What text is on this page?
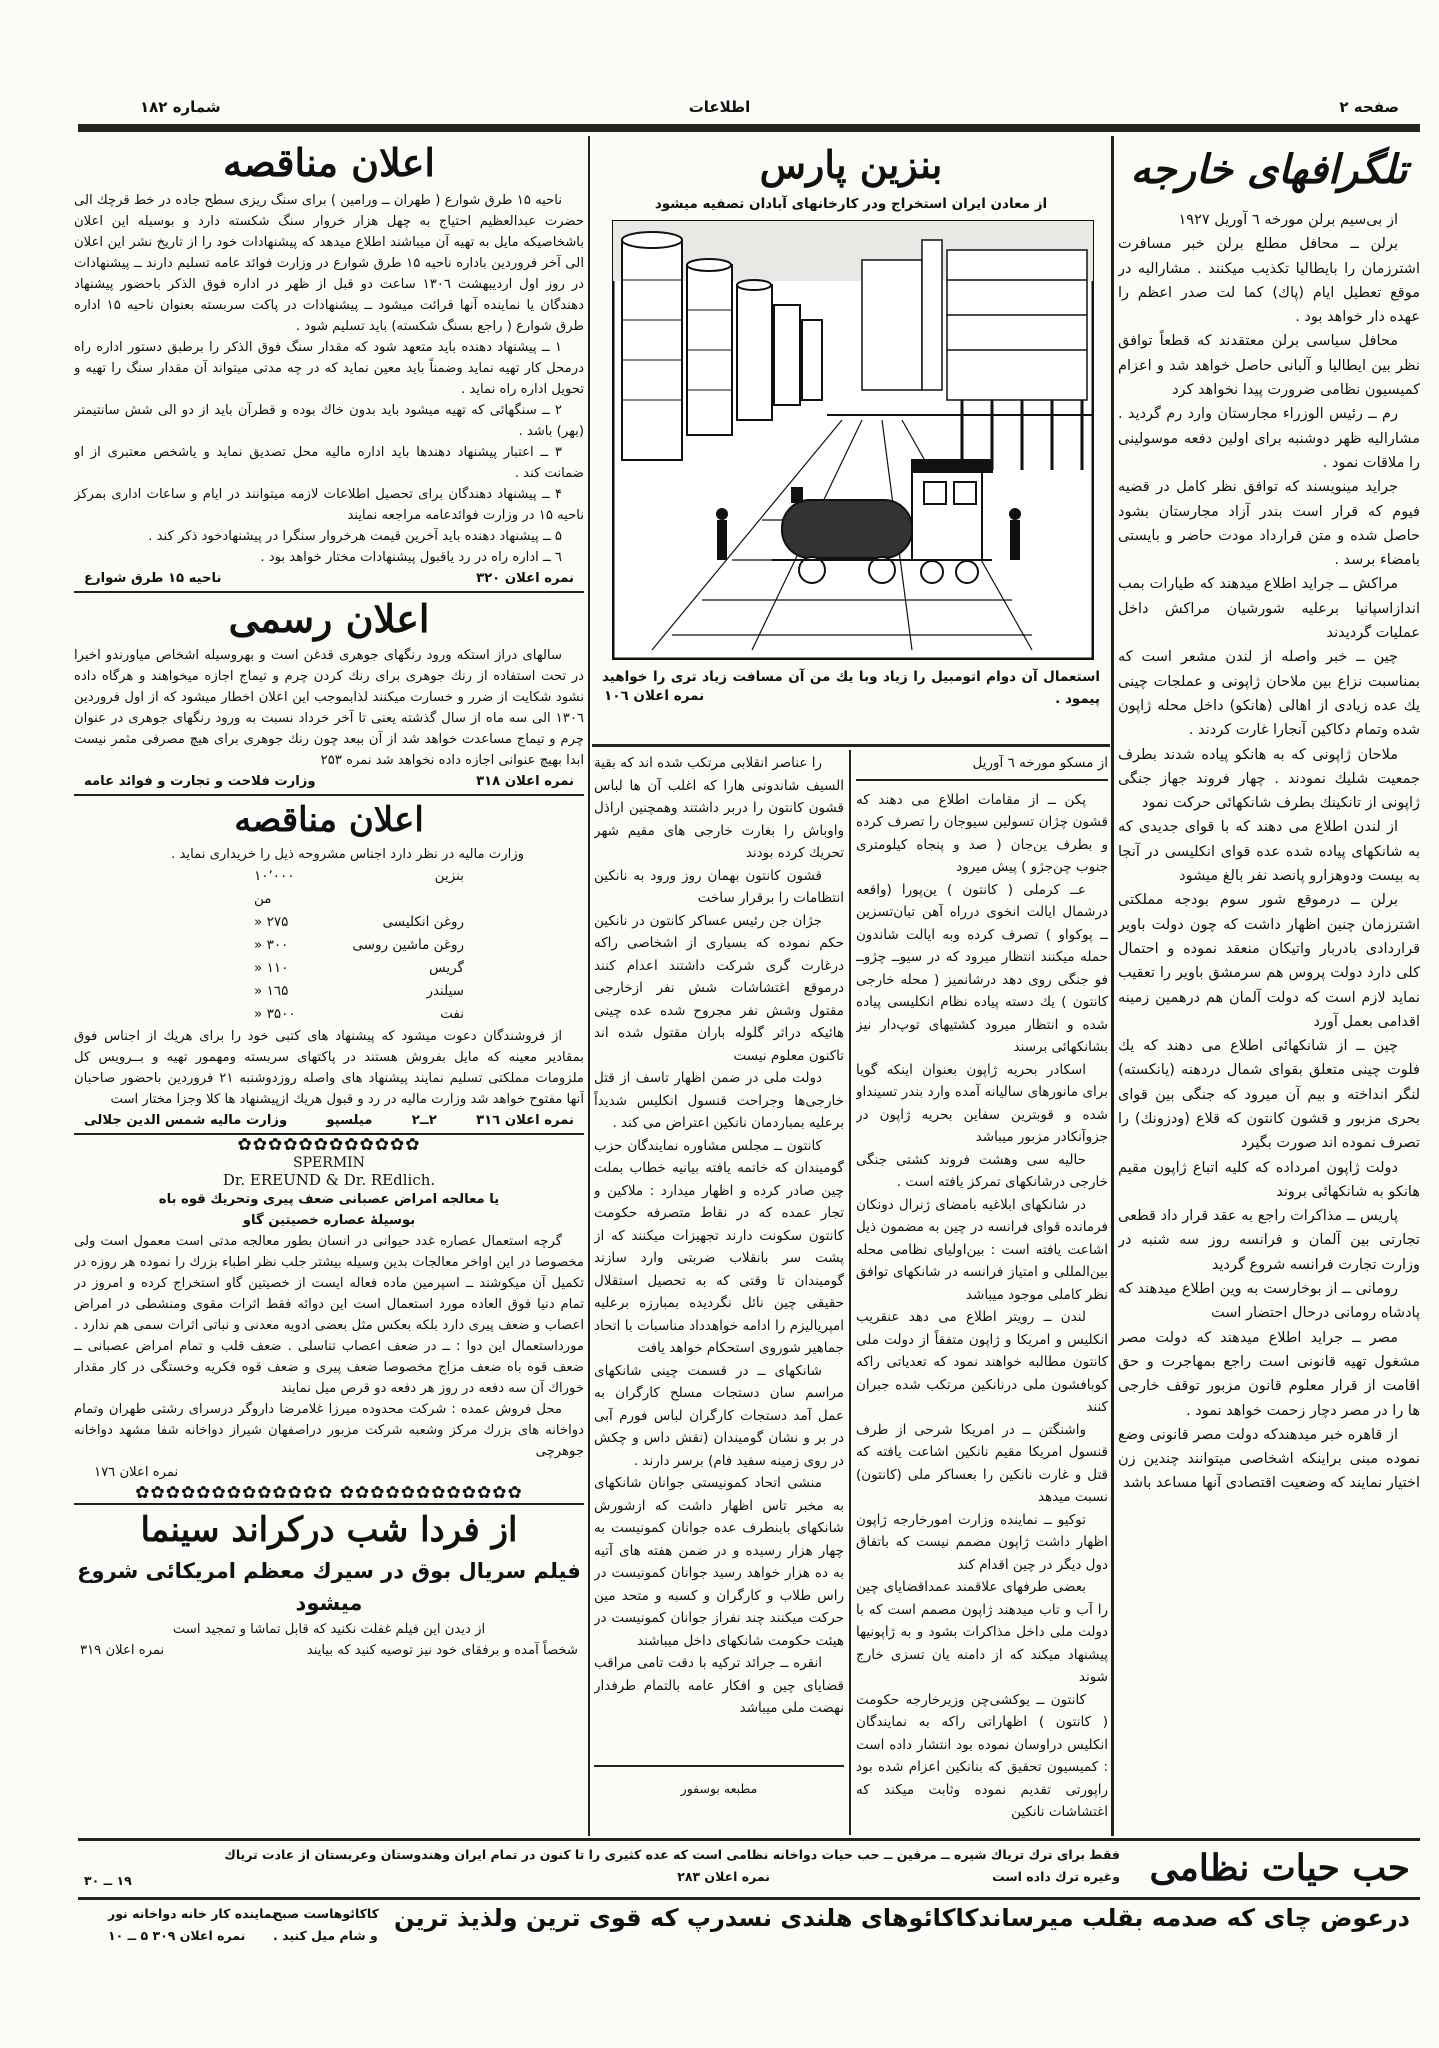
صفحه ۲
اطلاعات
شماره ۱۸۲
تلگرافهای خارجه

از بی‌سیم برلن مورخه ٦ آوریل ۱۹۲۷

برلن ــ محافل مطلع برلن خبر مسافرت اشترزمان را بایطالیا تکذیب میکنند . مشارالیه در موقع تعطیل ایام (پاك) کما لت صدر اعظم را عهده دار خواهد بود .

محافل سیاسی برلن معتقدند که قطعاً توافق نظر بین ایطالیا و آلبانی حاصل خواهد شد و اعزام کمیسیون نظامی ضرورت پیدا نخواهد کرد

رم ــ رئیس الوزراء مجارستان وارد رم گردید . مشارالیه ظهر دوشنبه برای اولین دفعه موسولینی را ملاقات نمود .

جراید مینویسند که توافق نظر کامل در قضیه فیوم که قرار است بندر آزاد مجارستان بشود حاصل شده و متن قرارداد مودت حاضر و بایستی بامضاء برسد .

مراکش ــ جراید اطلاع میدهند که طیارات بمب اندازاسپانیا برعلیه شورشیان مراکش داخل عملیات گردیدند

چین ــ خبر واصله از لندن مشعر است که بمناسبت نزاع بین ملاحان ژاپونی و عملجات چینی یك عده زیادی از اهالی (هانکو) داخل محله ژاپون شده وتمام دکاکین آنجارا غارت کردند .

ملاحان ژاپونی که به هانکو پیاده شدند بطرف جمعیت شلیك نمودند . چهار فروند جهاز جنگی ژاپونی از تانکینك بطرف شانکهائی حرکت نمود

از لندن اطلاع می دهند که با قوای جدیدی که به شانکهای پیاده شده عده قوای انکلیسی در آنجا به بیست ودوهزارو پانصد نفر بالغ میشود

برلن ــ درموقع شور سوم بودجه مملکتی اشترزمان چنین اظهار داشت که چون دولت باویر قراردادی بادربار واتیکان منعقد نموده و احتمال کلی دارد دولت پروس هم سرمشق باویر را تعقیب نماید لازم است که دولت آلمان هم درهمین زمینه اقدامی بعمل آورد

چین ــ از شانکهائی اطلاع می دهند که یك فلوت چینی متعلق بقوای شمال دردهنه (یانکسته) لنگر انداخته و بیم آن میرود که جنگی بین قوای بحری مزبور و قشون کانتون که قلاع (ودزونك) را تصرف نموده اند صورت بگیرد

دولت ژاپون امرداده که کلیه اتباع ژاپون مقیم هانکو به شانکهائی بروند

پاریس ــ مذاکرات راجع به عقد قرار داد قطعی تجارتی بین آلمان و فرانسه روز سه شنبه در وزارت تجارت فرانسه شروع گردید

رومانی ــ از بوخارست به وین اطلاع میدهند که پادشاه رومانی درحال احتضار است

مصر ــ جراید اطلاع میدهند که دولت مصر مشغول تهیه قانونی است راجع بمهاجرت و حق اقامت از قرار معلوم قانون مزبور توقف خارجی ها را در مصر دچار زحمت خواهد نمود .

از قاهره خبر میدهندکه دولت مصر قانونی وضع نموده مبنی براینکه اشخاصی میتوانند چندین زن اختیار نمایند که وضعیت اقتصادی آنها مساعد باشد

بنزین پارس
از معادن ایران استخراج ودر کارخانهای آبادان تصفیه میشود
استعمال آن دوام اتومبیل را زیاد وبا یك من آن مسافت زیاد تری را خواهید پیمود .
نمره اعلان ۱۰٦
از مسکو مورخه ٦ آوریل

پکن ــ از مقامات اطلاع می دهند که قشون چژان تسولین سیوجان را تصرف کرده و بطرف ین‌جان ( صد و پنجاه کیلومتری جنوب چن‌جژو ) پیش میرود

عــ کرملی ( کانتون ) ین‌پورا (واقعه درشمال ایالت انخوی درراه آهن تیان‌تسزین ــ پوکواو ) تصرف کرده وبه ایالت شاندون حمله میکنند انتظار میرود که در سیوــ چژوــ فو جنگی روی دهد درشانمیز ( محله خارجی کانتون ) یك دسته پیاده نظام انکلیسی پیاده شده و انتظار میرود کشتیهای توپ‌دار نیز بشانکهائی برسند

اسکادر بحریه ژاپون بعنوان اینکه گویا برای مانورهای سالیانه آمده وارد بندر تسینداو شده و قوبترین سفاین بحریه ژاپون در جزوآنکادر مزبور میباشد

حالیه سی وهشت فروند کشتی جنگی خارجی درشانکهای تمرکز یافته است .

در شانکهای ابلاغیه بامضای ژنرال دونکان فرمانده قوای فرانسه در چین به مضمون ذیل اشاعت یافته است : بین‌اولیای نظامی محله بین‌المللی و امتیاز فرانسه در شانکهای توافق نظر کاملی موجود میباشد

لندن ــ رویتر اطلاع می دهد عنقریب انکلیس و امریکا و ژاپون متفقاً از دولت ملی کانتون مطالبه خواهند نمود که تعدیاتی راکه کوبافشون ملی درنانکین مرتکب شده جبران کنند

واشنگتن ــ در امریکا شرحی از طرف قنسول امریکا مقیم نانکین اشاعت یافته که قتل و غارت نانکین را بعساکر ملی (کانتون) نسبت میدهد

توکیو ــ نماینده وزارت امورخارجه ژاپون اظهار داشت ژاپون مصمم نیست که باتفاق دول دیگر در چین اقدام کند

بعضی طرفهای علاقمند عمداقضایای چین را آب و تاب میدهند ژاپون مصمم است که با دولت ملی داخل مذاکرات بشود و به ژاپونیها پیشنهاد میکند که از دامنه یان تسزی خارج شوند

کانتون ــ یوکشی‌چن وزیرخارجه حکومت ( کانتون ) اظهاراتی راکه به نمایندگان انکلیس دراوسان نموده بود انتشار داده است : کمیسیون تحقیق که بنانکین اعزام شده بود راپورتی تقدیم نموده وثابت میکند که اغتشاشات نانکین

را عناصر انقلابی مرتکب شده اند که بقیة السیف شاندونی هارا که اغلب آن ها لباس قشون کانتون را دربر داشتند وهمچنین اراذل واوباش را بغارت خارجی های مقیم شهر تحریك کرده بودند

قشون کانتون بهمان روز ورود به نانکین انتظامات را برقرار ساخت

جژان جن رئیس عساکر کانتون در نانکین حکم نموده که بسیاری از اشخاصی راکه درغارت گری شرکت داشتند اعدام کنند درموقع اغتشاشات شش نفر ازخارجی مقتول وشش نفر مجروح شده عده چینی هائیکه دراثر گلوله باران مقتول شده اند تاکنون معلوم نیست

دولت ملی در ضمن اظهار تاسف از قتل خارجی‌ها وجراحت قنسول انکلیس شدیداً برعلیه بمباردمان نانکین اعتراض می کند .

کانتون ــ مجلس مشاوره نمایندگان حزب گومیندان که خاتمه یافته بیانیه خطاب بملت چین صادر کرده و اظهار میدارد : ملاکین و تجار عمده که در نقاط متصرفه حکومت کانتون سکونت دارند تجهیزات میکنند که از پشت سر بانقلاب ضربتی وارد سازند گومیندان تا وقتی که به تحصیل استقلال حقیقی چین نائل نگردیده بمبارزه برعلیه امپریالیزم را ادامه خواهدداد مناسبات با اتحاد جماهیر شوروی استحکام خواهد یافت

شانکهای ــ در قسمت چینی شانکهای مراسم سان دستجات مسلح کارگران به عمل آمد دستجات کارگران لباس فورم آبی در بر و نشان گومیندان (نقش داس و چکش در روی زمینه سفید فام) برسر دارند .

منشی اتحاد کمونیستی جوانان شانکهای به مخبر تاس اظهار داشت که ازشورش شانکهای بابنطرف عده جوانان کمونیست به چهار هزار رسیده و در ضمن هفته های آتیه به ده هزار خواهد رسید جوانان کمونیست در راس طلاب و کارگران و کسبه و متحد مین حرکت میکنند چند نفراز جوانان کمونیست در هیئت حکومت شانکهای داخل میباشند

انقره ــ جرائد ترکیه با دقت تامی مراقب قضایای چین و افکار عامه بالتمام طرفدار نهضت ملی میباشد

مطبعه بوسفور
اعلان مناقصه

ناحیه ۱۵ طرق شوارع ( طهران ــ ورامین ) برای سنگ ریزی سطح جاده در خط قرچك الی حضرت عبدالعظیم احتیاج به چهل هزار خروار سنگ شکسته دارد و بوسیله این اعلان باشخاصیکه مایل به تهیه آن میباشند اطلاع میدهد که پیشنهادات خود را از تاریخ نشر این اعلان الی آخر فروردین باداره ناحیه ۱۵ طرق شوارع در وزارت فوائد عامه تسلیم دارند ــ پیشنهادات در روز اول اردیبهشت ۱۳۰٦ ساعت دو قبل از ظهر در اداره فوق الذکر باحضور پیشنهاد دهندگان یا نماینده آنها قرائت میشود ــ پیشنهادات در پاکت سربسته بعنوان ناحیه ۱۵ اداره طرق شوارع ( راجع بسنگ شکسته) باید تسلیم شود .

۱ ــ پیشنهاد دهنده باید متعهد شود که مقدار سنگ فوق الذکر را برطبق دستور اداره راه درمحل کار تهیه نماید وضمناً باید معین نماید که در چه مدتی میتواند آن مقدار سنگ را تهیه و تحویل اداره راه نماید .

۲ ــ سنگهائی که تهیه میشود باید بدون خاك بوده و قطرآن باید از دو الی شش سانتیمتر (بهر) باشد .

۳ ــ اعتبار پیشنهاد دهندها باید اداره مالیه محل تصدیق نماید و یاشخص معتبری از او ضمانت کند .

۴ ــ پیشنهاد دهندگان برای تحصیل اطلاعات لازمه میتوانند در ایام و ساعات اداری بمرکز ناحیه ۱۵ در وزارت فوائدعامه مراجعه نمایند

۵ ــ پیشنهاد دهنده باید آخرین قیمت هرخروار سنگرا در پیشنهادخود ذکر کند .

٦ ــ اداره راه در رد یاقبول پیشنهادات مختار خواهد بود .

نمره اعلان ۳۲۰
ناحیه ۱۵ طرق شوارع
اعلان رسمی

سالهای دراز استکه ورود رنگهای جوهری قدغن است و بهروسیله اشخاص میاورندو اخیرا در تحت استفاده از رنك جوهری برای رنك کردن چرم و تیماج اجازه میخواهند و هرگاه داده نشود شکایت از ضرر و خسارت میکنند لذابموجب این اعلان اخطار میشود که از اول فروردین ۱۳۰٦ الی سه ماه از سال گذشته یعنی تا آخر خرداد نسبت به ورود رنگهای جوهری در عنوان چرم و تیماج مساعدت خواهد شد از آن ببعد چون رنك جوهری برای هیچ مصرفی مثمر نیست ابدا بهیچ عنوانی اجازه داده نخواهد شد نمره ۲۵۳

نمره اعلان ۳۱۸
وزارت فلاحت و تجارت و فوائد عامه
اعلان مناقصه
وزارت مالیه در نظر دارد اجناس مشروحه ذیل را خریداری نماید .
بنزین
۱۰٬۰۰۰ من
روغن انکلیسی
۲۷۵ «
روغن ماشین روسی
۳۰۰ «
گریس
۱۱۰ «
سیلندر
۱٦۵ «
نفت
۳۵۰۰ «

از فروشندگان دعوت میشود که پیشنهاد های کتبی خود را برای هریك از اجناس فوق بمقادیر معینه که مایل بفروش هستند در پاکتهای سربسته ومهمور تهیه و بــرویس کل ملزومات مملکتی تسلیم نمایند پیشنهاد های واصله روزدوشنبه ۲۱ فروردین باحضور صاحبان آنها مفتوح خواهد شد وزارت مالیه در رد و قبول هریك ازپیشنهاد ها کلا وجزا مختار است

نمره اعلان ۳۱٦
۲ــ۲
میلسپو
وزارت مالیه شمس الدین جلالی
✿✿✿✿✿✿✿✿✿✿✿✿
SPERMIN
Dr. EREUND & Dr. REdlich.
یا معالجه امراض عصبانی ضعف پیری وتحریك قوه باه
بوسیلهٔ عصاره خصیتین گاو

گرچه استعمال عصاره غدد حیوانی در انسان بطور معالجه مدتی است معمول است ولی مخصوصا در این اواخر معالجات بدین وسیله بیشتر جلب نظر اطباء بزرك را نموده هر روزه در تکمیل آن میکوشند ــ اسپرمین ماده فعاله ایست از خصیتین گاو استخراج کرده و امروز در تمام دنیا فوق العاده مورد استعمال است این دوائه فقط اثرات مقوی ومنشطی در امراض اعصاب و ضعف پیری دارد بلکه بعکس مثل بعضی ادویه معدنی و نباتی اثرات سمی هم ندارد . مورداستعمال این دوا : ــ در ضعف اعصاب تناسلی . ضعف قلب و تمام امراض عصبانی ــ ضعف قوه باه ضعف مزاج مخصوصا ضعف پیری و ضعف قوه فکریه وخستگی در کار مقدار خوراك آن سه دفعه در روز هر دفعه دو قرص میل نمایند

محل فروش عمده : شرکت محدوده میرزا غلامرضا داروگر درسرای رشتی طهران وتمام دواخانه های بزرك مركز وشعبه شرکت مزبور دراصفهان شیراز دواخانه شفا مشهد دواخانه جوهرچی

نمره اعلان ۱۷٦
✿✿✿✿✿✿✿✿✿✿✿✿✿ ✿✿✿✿✿✿✿✿✿✿✿✿
از فردا شب درکراند سینما
فیلم سریال بوق در سیرك معظم امریکائی شروع میشود
از دیدن این فیلم غفلت نکنید که قابل تماشا و تمجید است
شخصاً آمده و برفقای خود نیز توصیه کنید که بیایند
نمره اعلان ۳۱۹
حب حیات نظامی
فقط برای ترك تریاك شیره ــ مرفین ــ حب حیات دواخانه نظامی است که عده کثیری را تا کنون در تمام ایران وهندوستان وعربستان از عادت تریاك
وغیره ترك داده است
نمره اعلان ۲۸۳
۱۹ ــ ۳۰
درعوض چای که صدمه بقلب میرساندکاکائوهای هلندی نسدرپ که قوی ترین ولذیذ ترین
کاکائوهاست صبح
و شام میل کنید .
نماینده کار خانه دواخانه نور
نمره اعلان ۳۰۹ ۵ ــ ۱۰
